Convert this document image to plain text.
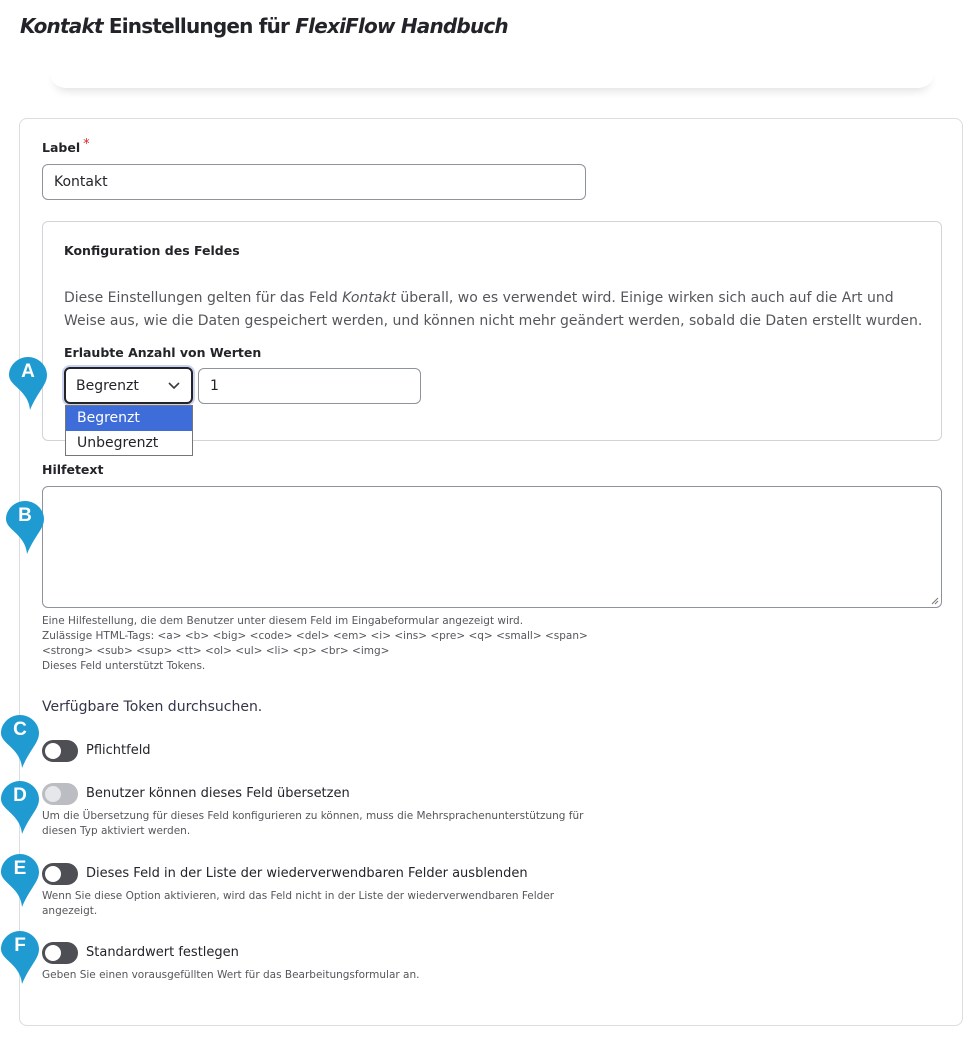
Kontakt Einstellungen für FlexiFlow Handbuch
Label *
Kontakt
Konfiguration des Feldes
Diese Einstellungen gelten für das Feld Kontakt überall, wo es verwendet wird. Einige wirken sich auch auf die Art und Weise aus, wie die Daten gespeichert werden, und können nicht mehr geändert werden, sobald die Daten erstellt wurden.
Erlaubte Anzahl von Werten
Begrenzt	1
Begrenzt
Unbegrenzt
Hilfetext
Eine Hilfestellung, die dem Benutzer unter diesem Feld im Eingabeformular angezeigt wird.
Zulässige HTML-Tags: <a> <b> <big> <code> <del> <em> <i> <ins> <pre> <q> <small> <span>
<strong> <sub> <sup> <tt> <ol> <ul> <li> <p> <br> <img>
Dieses Feld unterstützt Tokens.
Verfügbare Token durchsuchen.
Pflichtfeld
Benutzer können dieses Feld übersetzen
Um die Übersetzung für dieses Feld konfigurieren zu können, muss die Mehrsprachenunterstützung für
diesen Typ aktiviert werden.
Dieses Feld in der Liste der wiederverwendbaren Felder ausblenden
Wenn Sie diese Option aktivieren, wird das Feld nicht in der Liste der wiederverwendbaren Felder
angezeigt.
Standardwert festlegen
Geben Sie einen vorausgefüllten Wert für das Bearbeitungsformular an.
A
B
C
D
E
F
